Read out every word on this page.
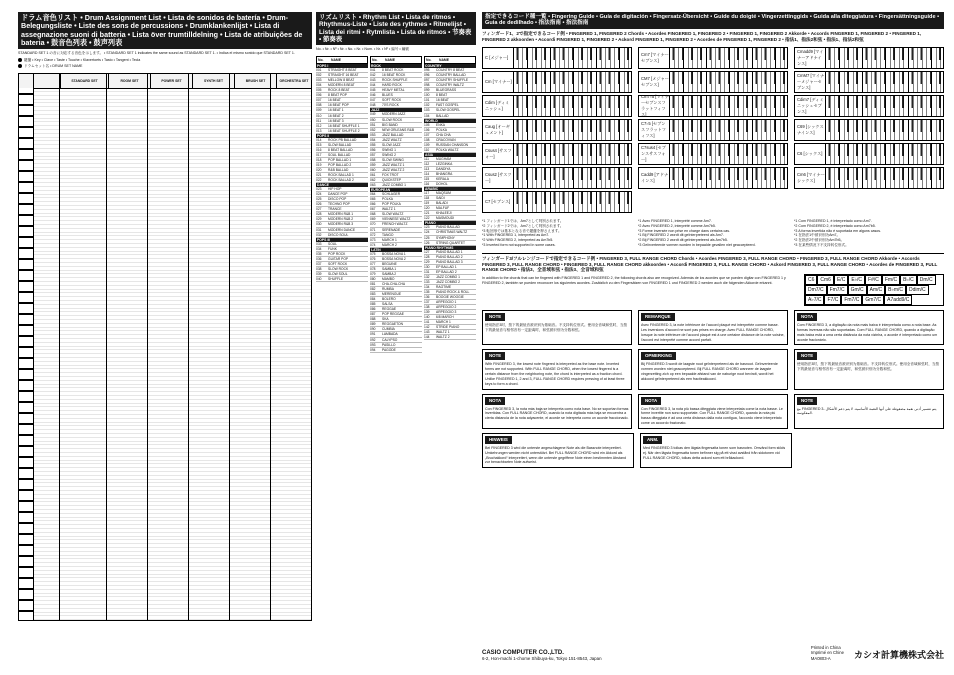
ドラム音色リスト • Drum Assignment List • Lista de sonidos de batería • Drum-Belegungsliste • Liste des sons de percussions • Drumklankenlijst • Lista di assegnazione suoni di batteria • Lista över trumtilldelning • Lista de atribuições de bateria • 鼓音色列表 • 鼓声列表
STANDARD SET 1 の音に対応する音色を示します。 • STANDARD SET 1 indicates the same sound as STANDARD SET 1. • Indica el mismo sonido que STANDARD SET 1.
鍵盤 • Key • Clave • Taste • Touche • Klavertoets • Tasto • Tangent • Tecla
ドラムセット名 • DRUM SET NAME
STANDARD SET	ROOM SET	POWER SET	SYNTH SET	BRUSH SET	ORCHESTRA SET
リズムリスト • Rhythm List • Lista de ritmos • Rhythmus-Liste • Liste des rythmes • Ritmelijst • Lista dei ritmi • Rytmlista • Lista de ritmos • 节奏表 • 節奏表
No. • Nr. • Nº • Nr. • No. • Nr. • Num. • Nr. • Nº • 编号 • 編號
No.	NAME
POPS I
001	STRAIGHT 8 BEAT
002	STRAIGHT 16 BEAT
003	MELLOW 8 BEAT
004	MODERN 8 BEAT
005	ROCK 8 BEAT
006	8 BEAT POP
007	16 BEAT
008	16 BEAT POP
009	16 BEAT 1
010	16 BEAT 2
011	16 BEAT 3
012	16 BEAT SHUFFLE 1
013	16 BEAT SHUFFLE 2
POPS II
014	ROCK PB BALLAD
015	SLOW BALLAD
016	8 BEAT BALLAD
017	SOUL BALLAD
018	POP BALLAD 1
019	POP BALLAD 2
020	R&B BALLAD
021	ROCK BALLAD 1
022	ROCK BALLAD 2
DANCE
023	HIP HOP
024	DANCE POP
025	DISCO POP
026	TECHNO POP
027	TRANCE
028	MODERN R&B 1
029	MODERN R&B 2
030	MODERN R&B 3
031	MODERN DANCE
032	DISCO SOUL
POPS III
033	SOUL
034	FUNK
035	POP ROCK
036	GUITAR POP
037	SOFT ROCK
038	SLOW ROCK
039	SLOW SOUL
040	SHUFFLE
No.	NAME
ROCK
041	8 BEAT ROCK
042	16 BEAT ROCK
043	ROCK SHUFFLE
044	HARD ROCK
045	HEAVY METAL
046	BLUES
047	SOFT ROCK
048	70'S ROCK
JAZZ
049	MODERN JAZZ
050	SLOW ROCK
051	BIG BAND
052	NEW ORLEANS R&B
053	JAZZ BALLAD
054	JAZZ WALTZ
055	SLOW JAZZ
056	SWING 1
057	SWING 2
058	SLOW SWING
059	JAZZ WALTZ 1
060	JAZZ WALTZ 2
061	FOX TROT
062	QUICKSTEP
063	JAZZ COMBO 1
EUROPEAN
064	SCHLAGER
065	POLKA
066	POP POLKA
067	WALTZ 1
068	SLOW WALTZ
069	VIENNESE WALTZ
070	FRENCH WALTZ
071	SERENADE
072	TANGO
073	MARCH 1
074	MARCH 2
LATIN
075	BOSSA NOVA 1
076	BOSSA NOVA 2
077	BEGUINE
078	SAMBA 1
079	SAMBA 2
080	MAMBO
081	CHA-CHA-CHA
082	RUMBA
083	MERENGUE
084	BOLERO
085	SALSA
086	REGGAE
087	POP REGGAE
088	SKA
089	REGGAETON
090	CUMBIA
091	LAMBADA
092	CALYPSO
093	PASILLO
094	PAGODE
No.	NAME
COUNTRY
095	COUNTRY 8 BEAT
096	COUNTRY BALLAD
097	COUNTRY SHUFFLE
098	COUNTRY WALTZ
099	BLUEGRASS
100	8 BEAT
101	16 BEAT
102	FAST GOSPEL
103	SLOW GOSPEL
104	BALLAD
WORLD
105	ENKA
106	POLKA
107	CHA CHA
108	CRACOVIAN
109	RUSSIAN CHANSON
110	POLKA WALTZ
ASIA
111	MUGHAM
112	LEZGINKA
113	DANDIYA
114	BHANGRA
115	KERALA
116	DOHOL
ARABIC
117	MAQSUM
118	SAIDI
119	BALADI
120	MALFUF
121	KHALEEJI
122	MASMOUDI
PIANO
123	PIANO BALLAD
124	CHRISTMAS WALTZ
125	SYMPHONY
126	STRING QUARTET
PIANO RHYTHMS
127	PIANO BALLAD 1
128	PIANO BALLAD 2
129	PIANO BALLAD 3
130	EP BALLAD 1
131	EP BALLAD 2
132	JAZZ COMBO 1
133	JAZZ COMBO 2
134	RAGTIME
135	PIANO ROCK & ROLL
136	BOOGIE WOOGIE
137	ARPEGGIO 1
138	ARPEGGIO 2
139	ARPEGGIO 3
140	6/8 MARCH
141	MARCH 1
142	STRIDE PIANO
143	WALTZ 1
144	WALTZ 2
指定できるコード種一覧 • Fingering Guide • Guía de digitación • Fingersatz-Übersicht • Guide du doigté • Vingerzettinggids • Guida alla diteggiatura • Fingersättningsguide • Guia de dedilhado • 指法指南 • 指法指南
フィンガード1、2で指定できるコード例 • FINGERED 1, FINGERED 2 Chords • Acordes FINGERED 1, FINGERED 2 • FINGERED 1, FINGERED 2 Akkorde • Accords FINGERED 1, FINGERED 2 • FINGERED 1, FINGERED 2 akkoorden • Accordi FINGERED 1, FINGERED 2 • Ackord FINGERED 1, FINGERED 2 • Acordes de FINGERED 1, FINGERED 2 • 指法1、指法2和弦 • 指法1、指法2和弦
C [メジャー]
Cm [マイナー]
Cdim [ディミニッシュ]
Caug [オーギュメント]
Csus4 [サスフォー]
Csus2 [サスツー]
C7 [セブンス]
Cm7 [マイナーセブンス]
CM7 [メジャーセブンス]
Cm7♭5 [マイナーセブンスフラットフィフス]
C7♭5 [セブンスフラットフィフス]
C7sus4 [セブンスサスフォー]
Cadd9 [アドナインス]
Cmadd9 [マイナーアドナインス]
CmM7 [マイナーメジャーセブンス]
Cdim7 [ディミニッシュセブンス]
C69 [シックスナインス]
C6 [シックス]
Cm6 [マイナーシックス]
*1 フィンガード1では、Am7として判別されます。
*2 フィンガード2では、Am7として判別されます。
*3 転回形では基本となる音で鍵盤を押さえます。
*1 With FINGERED 1, interpreted as Am7.
*2 With FINGERED 2, interpreted as Am7b5.
*3 Inverted form not supported in some cases.
*1 Avec FINGERED 1, interprété comme Am7.
*2 Avec FINGERED 2, interprété comme Am7b5.
*3 Forme inversée non prise en charge dans certains cas.
*1 Bij FINGERED 2 wordt dit geïnterpreteerd als Am7.
*2 Bij FINGERED 2 wordt dit geïnterpreteerd als Am7b5.
*3 Geïnverteerde vormen worden in bepaalde gevallen niet geaccepteerd.
*1 Com FINGERED 1, é interpretado como Am7.
*2 Com FINGERED 2, é interpretado como Am7b5.
*3 A forma invertida não é suportada em alguns casos.
*1 在指法1中被识别为Am7。
*2 在指法2中被识别为Am7b5。
*3 在某些情况下不支持转位形式。
フィンガード3/フルレンジコードで指定できるコード例 • FINGERED 3, FULL RANGE CHORD Chords • Acordes FINGERED 3, FULL RANGE CHORD • FINGERED 3, FULL RANGE CHORD Akkorde • Accords FINGERED 3, FULL RANGE CHORD • FINGERED 3, FULL RANGE CHORD akkoorden • Accordi FINGERED 3, FULL RANGE CHORD • Ackord FINGERED 3, FULL RANGE CHORD • Acordes de FINGERED 3, FULL RANGE CHORD • 指法3、全音域和弦 • 指法3、全音域和弦
In addition to the chords that can be fingered with FINGERED 1 and FINGERED 2, the following chords also are recognized. Además de los acordes que se pueden digitar con FINGERED 1 y FINGERED 2, también se pueden reconocer los siguientes acordes. Zusätzlich zu den Fingersätzen von FINGERED 1 und FINGERED 2 werden auch die folgenden Akkorde erkannt.	C6	Cm6	E/C	E♭/C	F#/C	Fm/C	B♭/C	Dm/C
Dm7/C	Fm7/C	Gm/C	Am/C	B♭m/C	Ddim/C
A♭7/C	F7/C	Fm7/C	Gm7/C	A7add9/C
NOTE
使用指法3时，按下的最低音被识别为基础音。不支持转位形式。使用全音域和弦时，当按下的最低音与相邻音有一定距离时，和弦被识别为分数和弦。
REMARQUE
Avec FINGERED 3, la note inférieure de l'accord plaqué est interprétée comme basse. Les inversions d'accord ne sont pas prises en charge. Avec FULL RANGE CHORD, lorsque la note inférieure de l'accord plaqué est à une certaine distance de la note voisine, l'accord est interprété comme accord parfait.
NOTA
Com FINGERED 3, a digitação da nota mais baixa é interpretada como a nota base. As formas inversas não são suportadas. Com FULL RANGE CHORD, quando a digitação mais baixa está a uma certa distância da nota vizinha, o acorde é interpretado como um acorde fracionário.
NOTE
With FINGERED 3, the lowest note fingered is interpreted as the base note. Inverted forms are not supported. With FULL RANGE CHORD, when the lowest fingered is a certain distance from the neighboring note, the chord is interpreted as a fraction chord. Unlike FINGERED 1, 2 and 3, FULL RANGE CHORD requires pressing of at least three keys to form a chord.
OPMERKING
Bij FINGERED 3 wordt de laagste noot geïnterpreteerd als de basnoot. Geïnverteerde vormen worden niet geaccepteerd. Bij FULL RANGE CHORD wanneer de laagste vingerzetting zich op een bepaalde afstand van de naburige noot bevindt, wordt het akkoord geïnterpreteerd als een fractieakkoord.
NOTE
使用指法3时，按下的最低音被识别为基础音。不支持转位形式。使用全音域和弦时，当按下的最低音与相邻音有一定距离时，和弦被识别为分数和弦。
NOTA
Con FINGERED 3, la nota más baja se interpreta como nota base. No se soportan formas invertidas. Con FULL RANGE CHORD, cuando la nota digitada más baja se encuentra a cierta distancia de la nota adyacente, el acorde se interpreta como un acorde fraccionado.
NOTA
Con FINGERED 3, la nota più bassa diteggiata viene interpretata come la nota basse. Le forme invertite non sono supportate. Con FULL RANGE CHORD, quando la nota più bassa diteggiata è ad una certa distanza dalla nota contigua, l'accordo viene interpretato come un accordo frazionato.
NOTE
مع FINGERED 3، يتم تفسير أدنى نغمة مضغوطة على أنها النغمة الأساسية. لا يتم دعم الأشكال المعكوسة.
HINWEIS
Bei FINGERED 3 wird die unterste angeschlagene Note als die Bassnote interpretiert. Umkehrungen werden nicht unterstützt. Bei FULL RANGE CHORD wird ein Akkord als „Bruchakkord“ interpretiert, wenn die unterste gegriffene Note einen bestimmten Abstand zur benachbarten Note aufweist.
ANM.
Med FINGERED 3 tolkas den lägsta fingersatta tonen som basnoten. Omvänd form stöds ej. När den lägsta fingersatta tonen befinner sig på ett visst avstånd från sidotonen vid FULL RANGE CHORD, tolkas detta ackord som ett bråkackord.
CASIO COMPUTER CO.,LTD.
6-2, Hon-machi 1-chome Shibuya-ku, Tokyo 151-8543, Japan
Printed in China
Imprimé en Chine
MA0803-A	カシオ計算機株式会社
